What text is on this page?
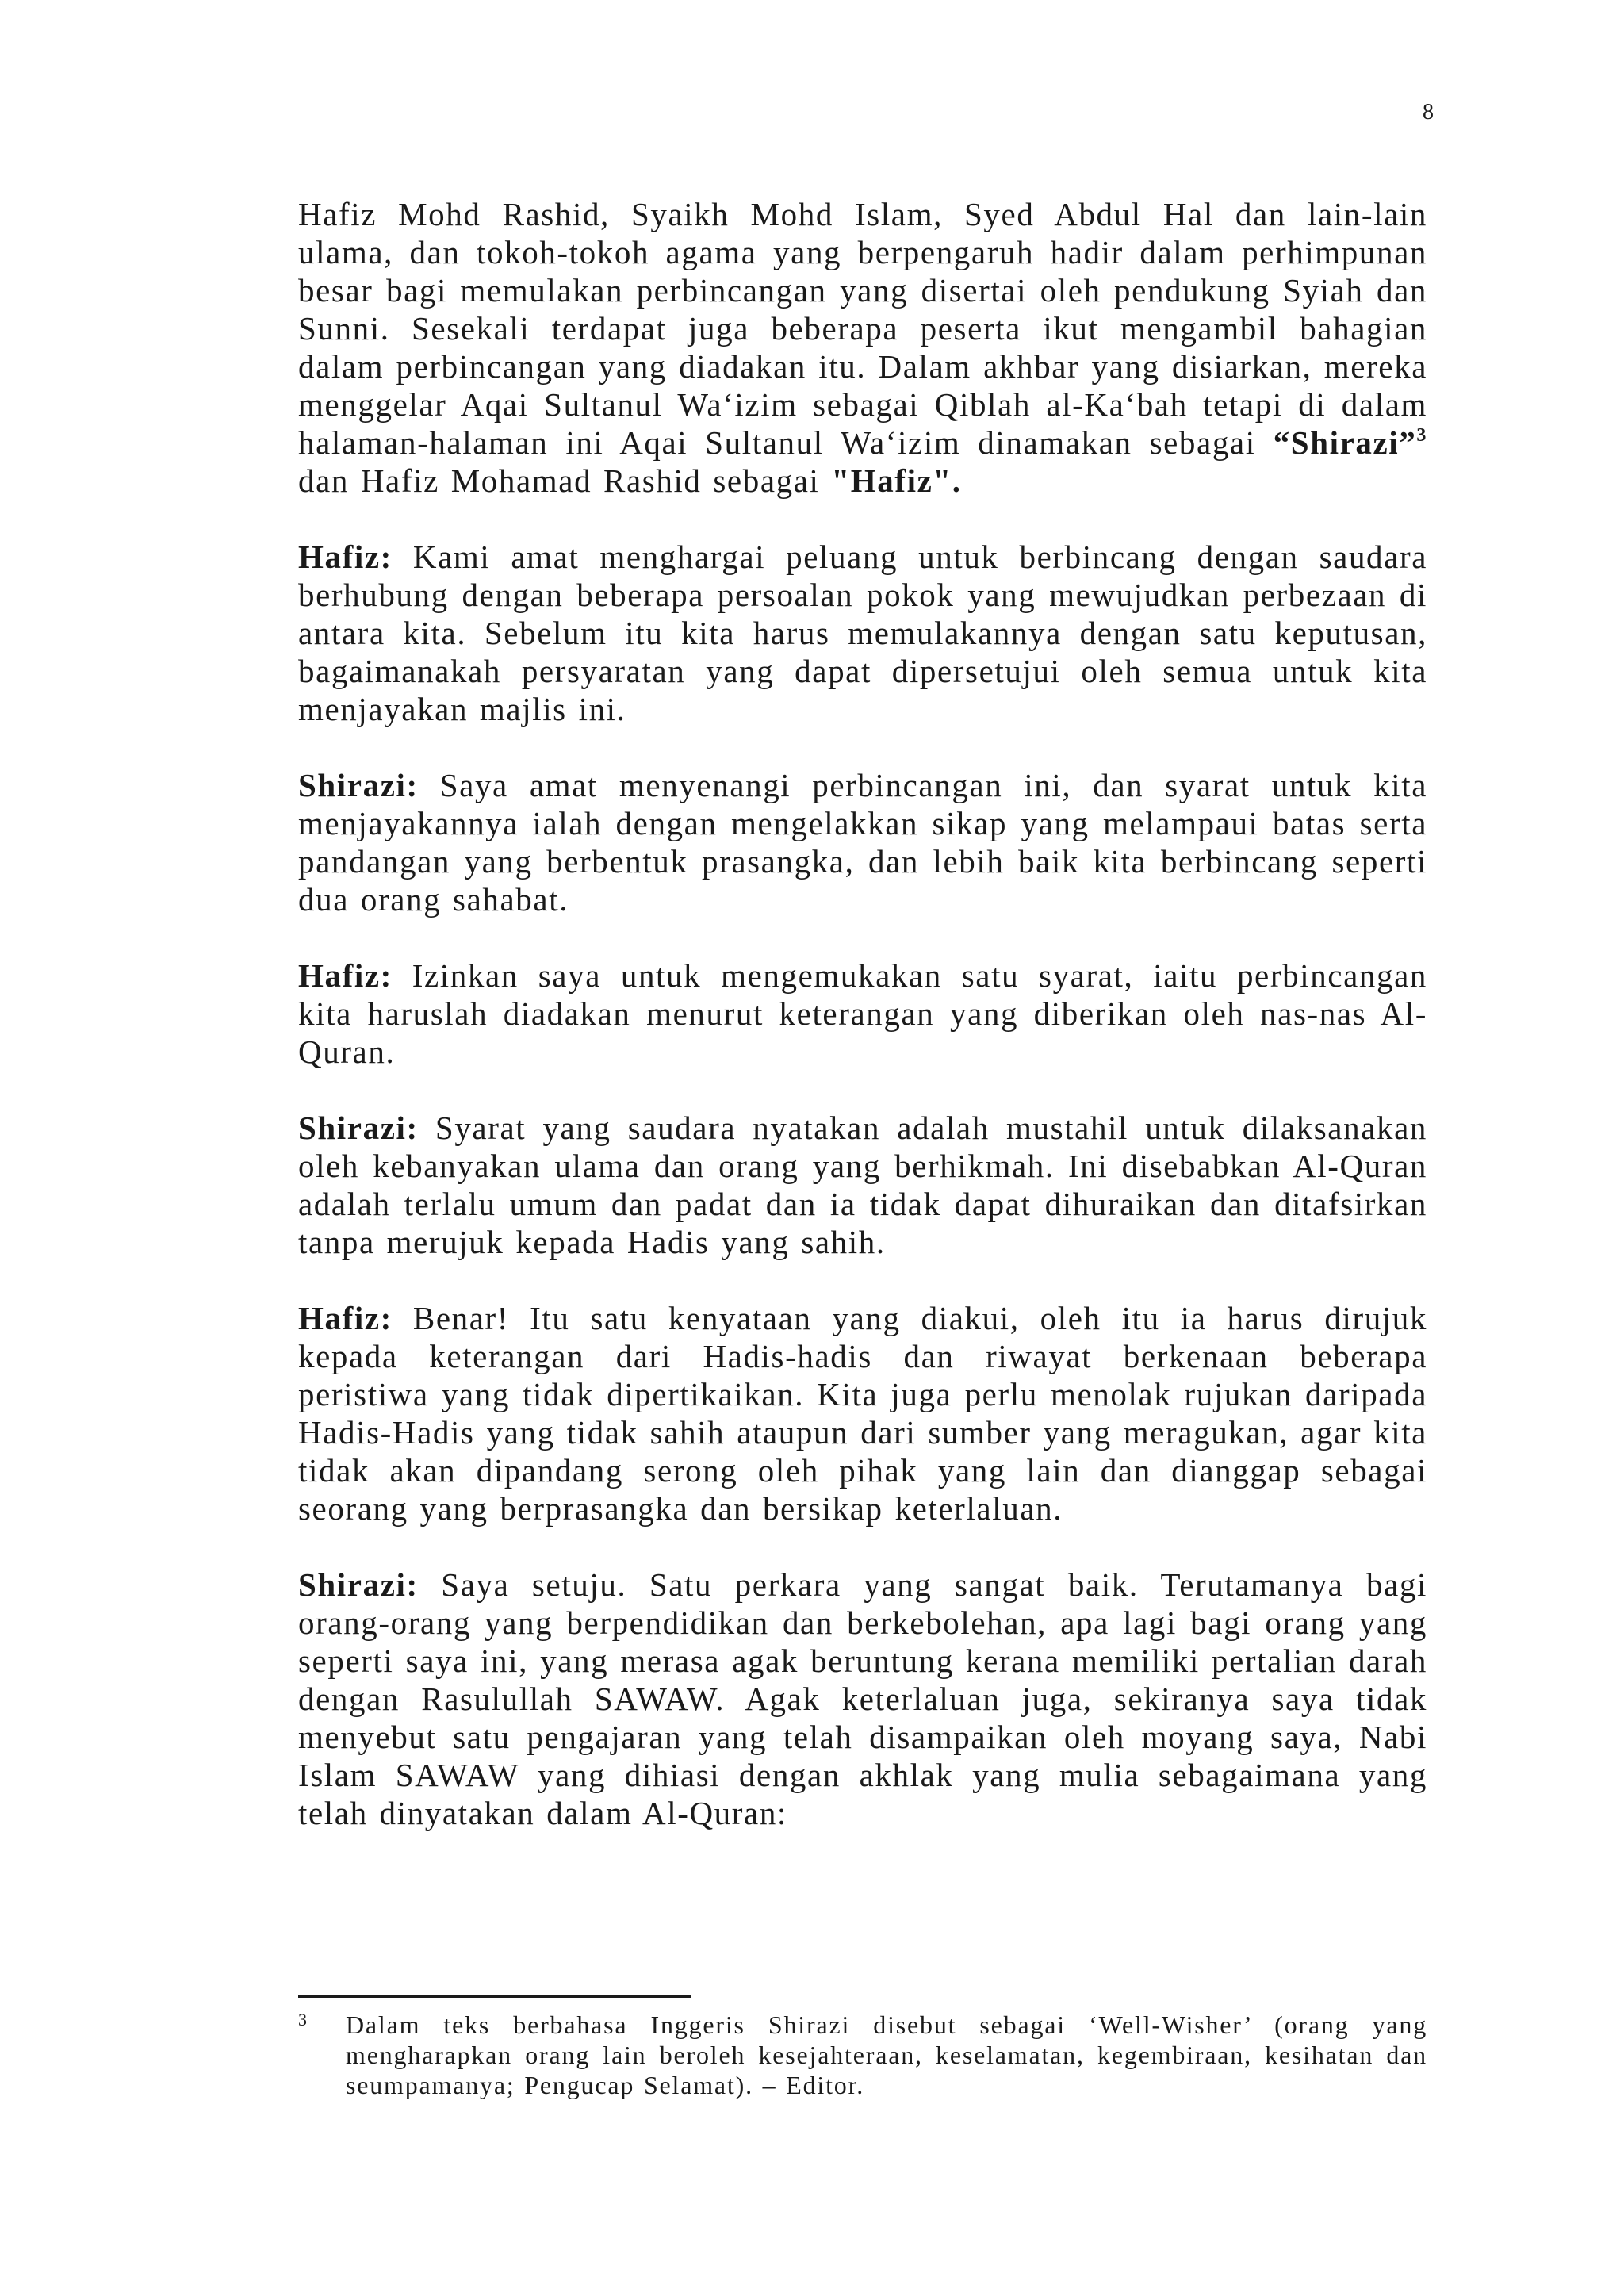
8

Hafiz Mohd Rashid, Syaikh Mohd Islam, Syed Abdul Hal dan lain-lain ulama, dan tokoh-tokoh agama yang berpengaruh hadir dalam perhimpunan besar bagi memulakan perbincangan yang disertai oleh pendukung Syiah dan Sunni. Sesekali terdapat juga beberapa peserta ikut mengambil bahagian dalam perbincangan yang diadakan itu. Dalam akhbar yang disiarkan, mereka menggelar Aqai Sultanul Wa‘izim sebagai Qiblah al-Ka‘bah tetapi di dalam halaman-halaman ini Aqai Sultanul Wa‘izim dinamakan sebagai “Shirazi”$^3$ dan Hafiz Mohamad Rashid sebagai "Hafiz".

Hafiz: Kami amat menghargai peluang untuk berbincang dengan saudara berhubung dengan beberapa persoalan pokok yang mewujudkan perbezaan di antara kita. Sebelum itu kita harus memulakannya dengan satu keputusan, bagaimanakah persyaratan yang dapat dipersetujui oleh semua untuk kita menjayakan majlis ini.

Shirazi: Saya amat menyenangi perbincangan ini, dan syarat untuk kita menjayakannya ialah dengan mengelakkan sikap yang melampaui batas serta pandangan yang berbentuk prasangka, dan lebih baik kita berbincang seperti dua orang sahabat.

Hafiz: Izinkan saya untuk mengemukakan satu syarat, iaitu perbincangan kita haruslah diadakan menurut keterangan yang diberikan oleh nas-nas Al-Quran.

Shirazi: Syarat yang saudara nyatakan adalah mustahil untuk dilaksanakan oleh kebanyakan ulama dan orang yang berhikmah. Ini disebabkan Al-Quran adalah terlalu umum dan padat dan ia tidak dapat dihuraikan dan ditafsirkan tanpa merujuk kepada Hadis yang sahih.

Hafiz: Benar! Itu satu kenyataan yang diakui, oleh itu ia harus dirujuk kepada keterangan dari Hadis-hadis dan riwayat berkenaan beberapa peristiwa yang tidak dipertikaikan. Kita juga perlu menolak rujukan daripada Hadis-Hadis yang tidak sahih ataupun dari sumber yang meragukan, agar kita tidak akan dipandang serong oleh pihak yang lain dan dianggap sebagai seorang yang berprasangka dan bersikap keterlaluan.

Shirazi: Saya setuju. Satu perkara yang sangat baik. Terutamanya bagi orang-orang yang berpendidikan dan berkebolehan, apa lagi bagi orang yang seperti saya ini, yang merasa agak beruntung kerana memiliki pertalian darah dengan Rasulullah SAWAW. Agak keterlaluan juga, sekiranya saya tidak menyebut satu pengajaran yang telah disampaikan oleh moyang saya, Nabi Islam SAWAW yang dihiasi dengan akhlak yang mulia sebagaimana yang telah dinyatakan dalam Al-Quran:

3 Dalam teks berbahasa Inggeris Shirazi disebut sebagai ‘Well-Wisher’ (orang yang mengharapkan orang lain beroleh kesejahteraan, keselamatan, kegembiraan, kesihatan dan seumpamanya; Pengucap Selamat). – Editor.
